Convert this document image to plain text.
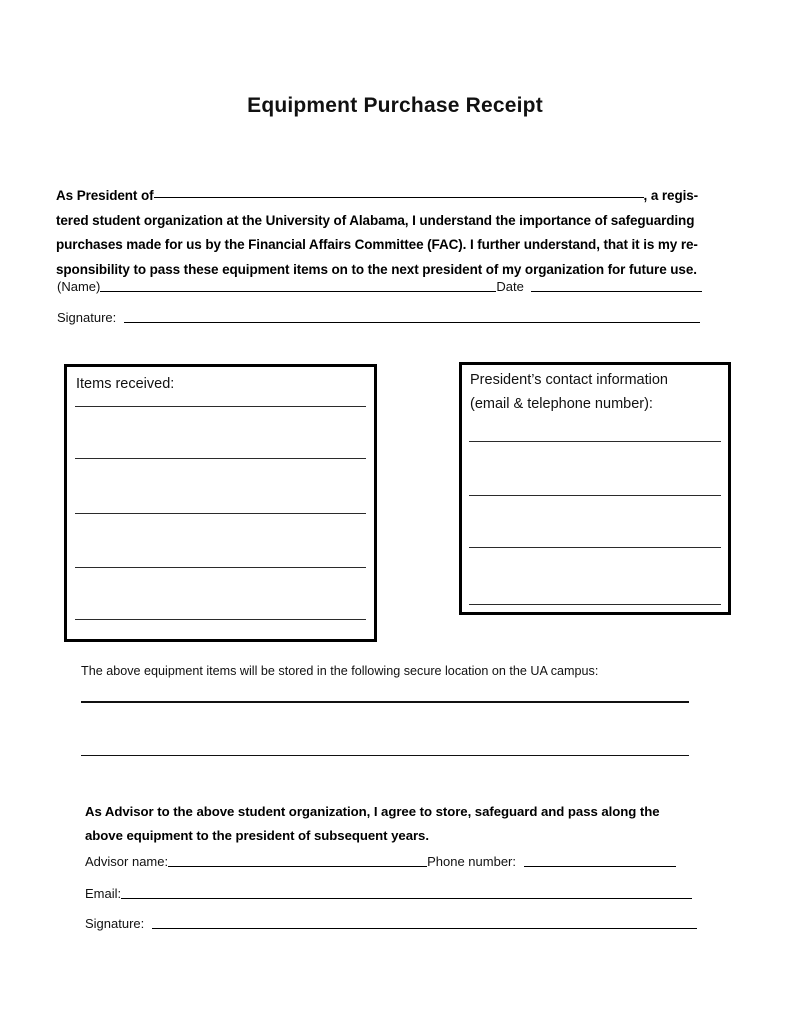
Equipment Purchase Receipt
As President of	, a regis-
tered student organization at the University of Alabama, I understand the importance of safeguarding
purchases made for us by the Financial Affairs Committee (FAC). I further understand, that it is my re-
sponsibility to pass these equipment items on to the next president of my organization for future use.
(Name)	Date
Signature:
Items received:	President’s contact information
(email & telephone number):
The above equipment items will be stored in the following secure location on the UA campus:
As Advisor to the above student organization, I agree to store, safeguard and pass along the
above equipment to the president of subsequent years.
Advisor name:	Phone number:
Email:
Signature:
